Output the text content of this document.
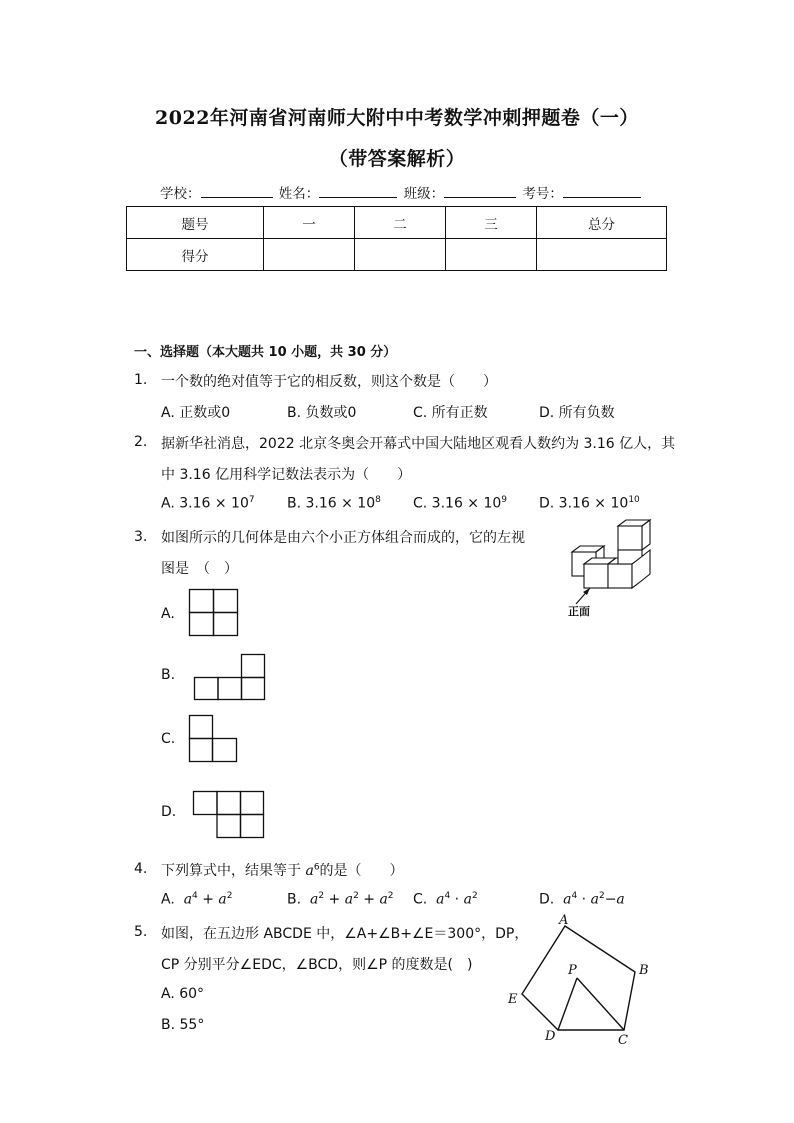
2022年河南省河南师大附中中考数学冲刺押题卷（一）
（带答案解析）
学校：	姓名：	班级：	考号：
题号	一	二	三	总分
得分				
一、选择题（本大题共 10 小题，共 30 分）
1. 一个数的绝对值等于它的相反数，则这个数是（　　）
A. 正数或0	B. 负数或0	C. 所有正数	D. 所有负数
2. 据新华社消息，2022 北京冬奥会开幕式中国大陆地区观看人数约为 3.16 亿人，其
中 3.16 亿用科学记数法表示为（　　）
A. $3.16 \times 10^7$ B. $3.16 \times 10^8$ C. $3.16 \times 10^9$ D. $3.16 \times 10^{10}$
3. 如图所示的几何体是由六个小正方体组合而成的，它的左视
图是　（　）
正面
A.
B.
C.
D.
4. 下列算式中，结果等于 $a^6$的是（　　）
A. $a^4 + a^2$	B. $a^2 + a^2 + a^2$ C. $a^4 \cdot a^2$	D. $a^4 \cdot a^2-a$
5. 如图，在五边形 ABCDE 中，∠A+∠B+∠E＝300°，DP，
CP 分别平分∠EDC，∠BCD，则∠P 的度数是(　)
A. 60°
B. 55°
A
B
C
D
E
P
